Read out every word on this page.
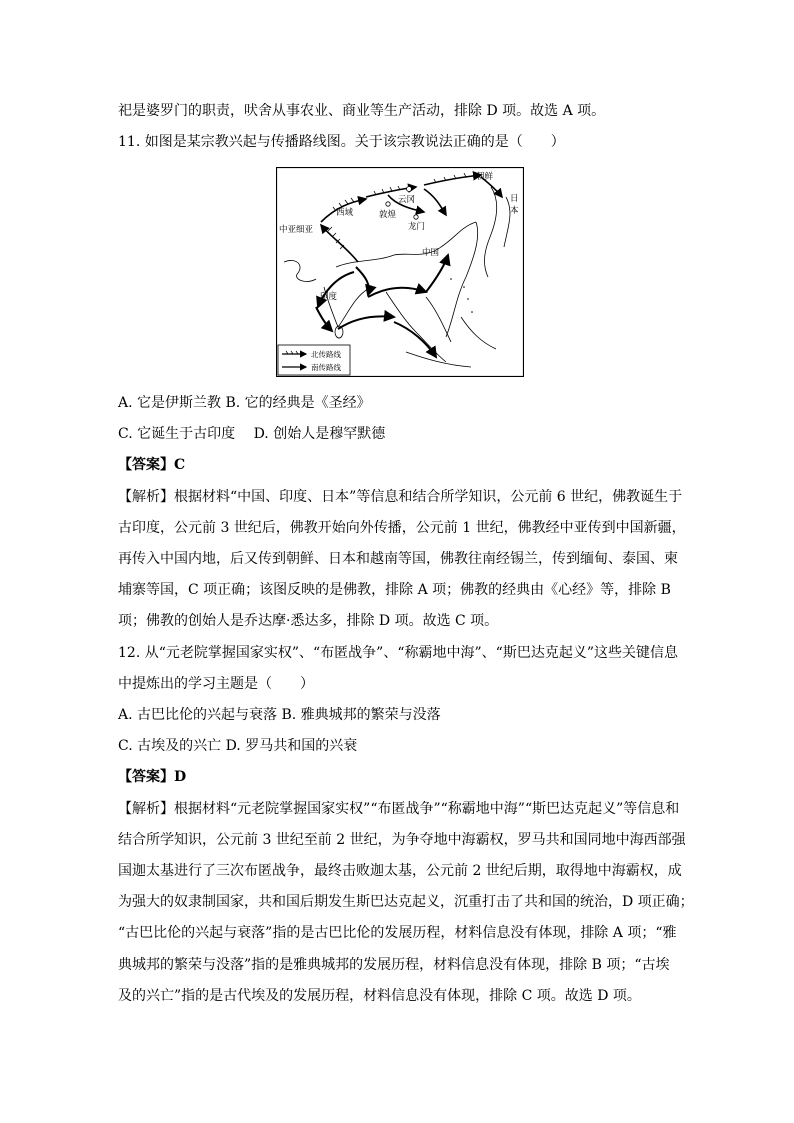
祀是婆罗门的职责，吠舍从事农业、商业等生产活动，排除 D 项。故选 A 项。
11. 如图是某宗教兴起与传播路线图。关于该宗教说法正确的是（　　）
朝鲜
日
本
西域	敦煌
云冈
龙门
中亚细亚
中国
印度
北传路线
南传路线
A. 它是伊斯兰教 B. 它的经典是《圣经》
C. 它诞生于古印度　 D. 创始人是穆罕默德
【答案】C
【解析】根据材料“中国、印度、日本”等信息和结合所学知识，公元前 6 世纪，佛教诞生于
古印度，公元前 3 世纪后，佛教开始向外传播，公元前 1 世纪，佛教经中亚传到中国新疆，
再传入中国内地，后又传到朝鲜、日本和越南等国，佛教往南经锡兰，传到缅甸、泰国、柬
埔寨等国，C 项正确；该图反映的是佛教，排除 A 项；佛教的经典由《心经》等，排除 B
项；佛教的创始人是乔达摩·悉达多，排除 D 项。故选 C 项。
12. 从“元老院掌握国家实权”、“布匿战争”、“称霸地中海”、“斯巴达克起义”这些关键信息
中提炼出的学习主题是（　　）
A. 古巴比伦的兴起与衰落 B. 雅典城邦的繁荣与没落
C. 古埃及的兴亡 D. 罗马共和国的兴衰
【答案】D
【解析】根据材料“元老院掌握国家实权”“布匿战争”“称霸地中海”“斯巴达克起义”等信息和
结合所学知识，公元前 3 世纪至前 2 世纪，为争夺地中海霸权，罗马共和国同地中海西部强
国迦太基进行了三次布匿战争，最终击败迦太基，公元前 2 世纪后期，取得地中海霸权，成
为强大的奴隶制国家，共和国后期发生斯巴达克起义，沉重打击了共和国的统治，D 项正确；
“古巴比伦的兴起与衰落”指的是古巴比伦的发展历程，材料信息没有体现，排除 A 项；“雅
典城邦的繁荣与没落”指的是雅典城邦的发展历程，材料信息没有体现，排除 B 项；“古埃
及的兴亡”指的是古代埃及的发展历程，材料信息没有体现，排除 C 项。故选 D 项。
